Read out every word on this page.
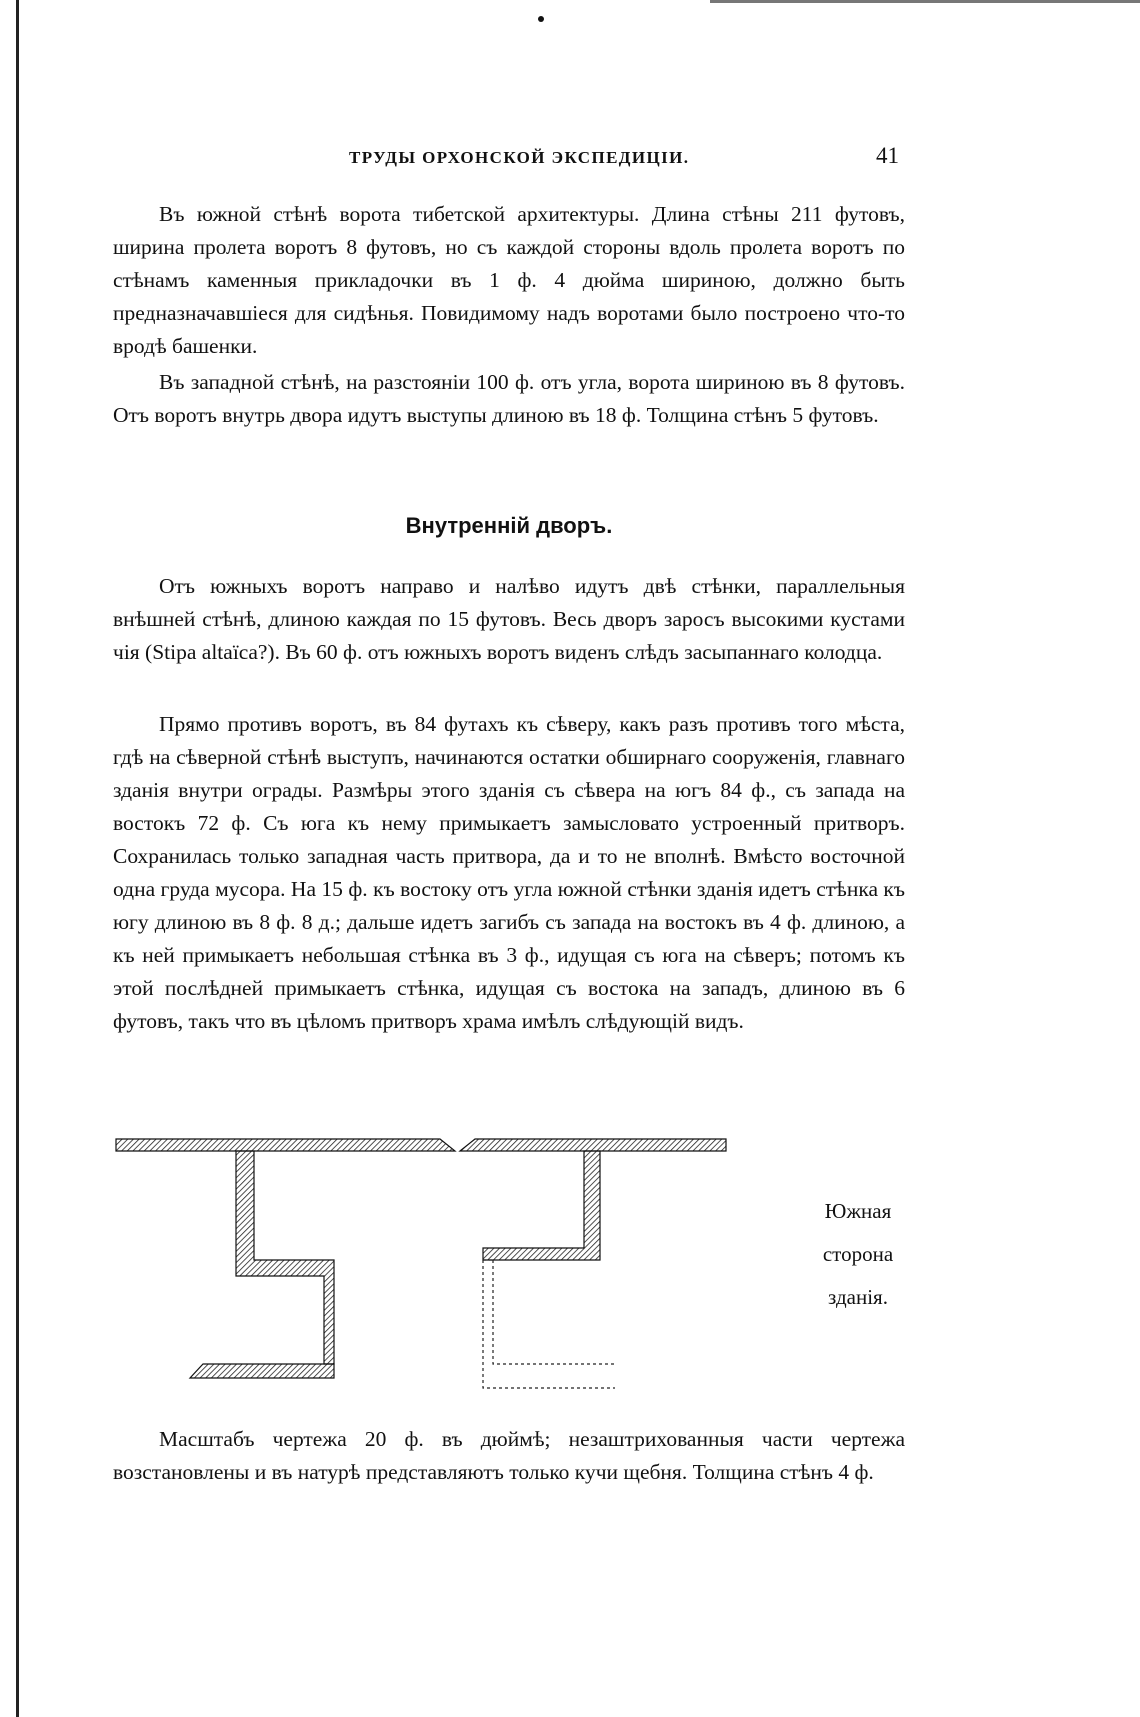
ТРУДЫ ОРХОНСКОЙ ЭКСПЕДИЦІИ.	41

Въ южной стѣнѣ ворота тибетской архитектуры. Длина стѣны 211 футовъ, ширина пролета воротъ 8 футовъ, но съ каждой стороны вдоль пролета воротъ по стѣнамъ каменныя прикладочки въ 1 ф. 4 дюйма шириною, должно быть предназначавшіеся для сидѣнья. Повидимому надъ воротами было построено что-то вродѣ башенки.

Въ западной стѣнѣ, на разстояніи 100 ф. отъ угла, ворота шириною въ 8 футовъ. Отъ воротъ внутрь двора идутъ выступы длиною въ 18 ф. Толщина стѣнъ 5 футовъ.

Внутренній дворъ.

Отъ южныхъ воротъ направо и налѣво идутъ двѣ стѣнки, параллельныя внѣшней стѣнѣ, длиною каждая по 15 футовъ. Весь дворъ заросъ высокими кустами чія (Stipa altaïca?). Въ 60 ф. отъ южныхъ воротъ виденъ слѣдъ засыпаннаго колодца.

Прямо противъ воротъ, въ 84 футахъ къ сѣверу, какъ разъ противъ того мѣста, гдѣ на сѣверной стѣнѣ выступъ, начинаются остатки обширнаго сооруженія, главнаго зданія внутри ограды. Размѣры этого зданія съ сѣвера на югъ 84 ф., съ запада на востокъ 72 ф. Съ юга къ нему примыкаетъ замысловато устроенный притворъ. Сохранилась только западная часть притвора, да и то не вполнѣ. Вмѣсто восточной одна груда мусора. На 15 ф. къ востоку отъ угла южной стѣнки зданія идетъ стѣнка къ югу длиною въ 8 ф. 8 д.; дальше идетъ загибъ съ запада на востокъ въ 4 ф. длиною, а къ ней примыкаетъ небольшая стѣнка въ 3 ф., идущая съ юга на сѣверъ; потомъ къ этой послѣдней примыкаетъ стѣнка, идущая съ востока на западъ, длиною въ 6 футовъ, такъ что въ цѣломъ притворъ храма имѣлъ слѣдующій видъ.

Южная
сторона
зданія.

Масштабъ чертежа 20 ф. въ дюймѣ; незаштрихованныя части чертежа возстановлены и въ натурѣ представляютъ только кучи щебня. Толщина стѣнъ 4 ф.
